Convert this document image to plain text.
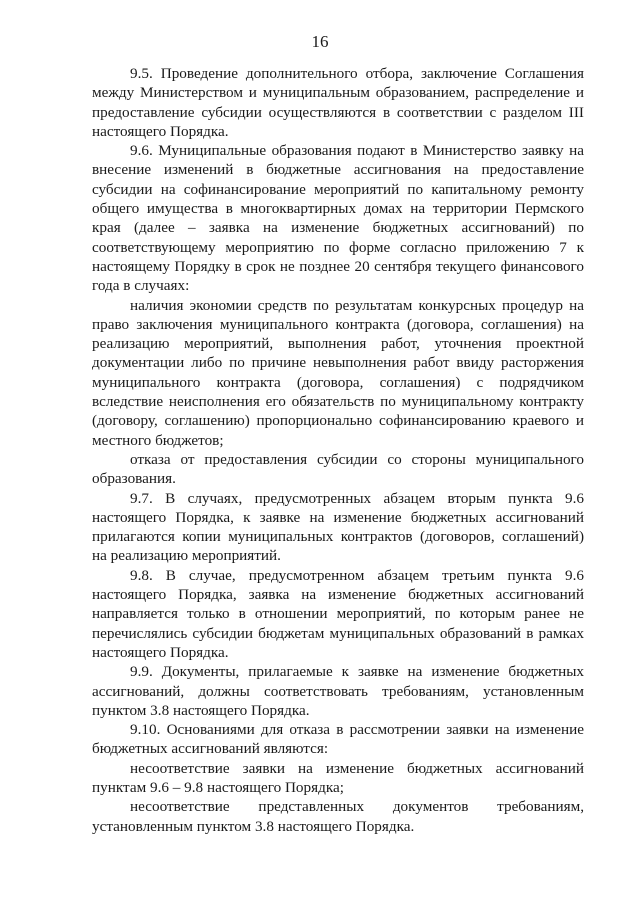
16

9.5. Проведение дополнительного отбора, заключение Соглашения между Министерством и муниципальным образованием, распределение и предоставление субсидии осуществляются в соответствии с разделом III настоящего Порядка.

9.6. Муниципальные образования подают в Министерство заявку на внесение изменений в бюджетные ассигнования на предоставление субсидии на софинансирование мероприятий по капитальному ремонту общего имущества в многоквартирных домах на территории Пермского края (далее – заявка на изменение бюджетных ассигнований) по соответствующему мероприятию по форме согласно приложению 7 к настоящему Порядку в срок не позднее 20 сентября текущего финансового года в случаях:

наличия экономии средств по результатам конкурсных процедур на право заключения муниципального контракта (договора, соглашения) на реализацию мероприятий, выполнения работ, уточнения проектной документации либо по причине невыполнения работ ввиду расторжения муниципального контракта (договора, соглашения) с подрядчиком вследствие неисполнения его обязательств по муниципальному контракту (договору, соглашению) пропорционально софинансированию краевого и местного бюджетов;

отказа от предоставления субсидии со стороны муниципального образования.

9.7. В случаях, предусмотренных абзацем вторым пункта 9.6 настоящего Порядка, к заявке на изменение бюджетных ассигнований прилагаются копии муниципальных контрактов (договоров, соглашений) на реализацию мероприятий.

9.8. В случае, предусмотренном абзацем третьим пункта 9.6 настоящего Порядка, заявка на изменение бюджетных ассигнований направляется только в отношении мероприятий, по которым ранее не перечислялись субсидии бюджетам муниципальных образований в рамках настоящего Порядка.

9.9. Документы, прилагаемые к заявке на изменение бюджетных ассигнований, должны соответствовать требованиям, установленным пунктом 3.8 настоящего Порядка.

9.10. Основаниями для отказа в рассмотрении заявки на изменение бюджетных ассигнований являются:

несоответствие заявки на изменение бюджетных ассигнований пунктам 9.6 – 9.8 настоящего Порядка;

несоответствие представленных документов требованиям, установленным пунктом 3.8 настоящего Порядка.
